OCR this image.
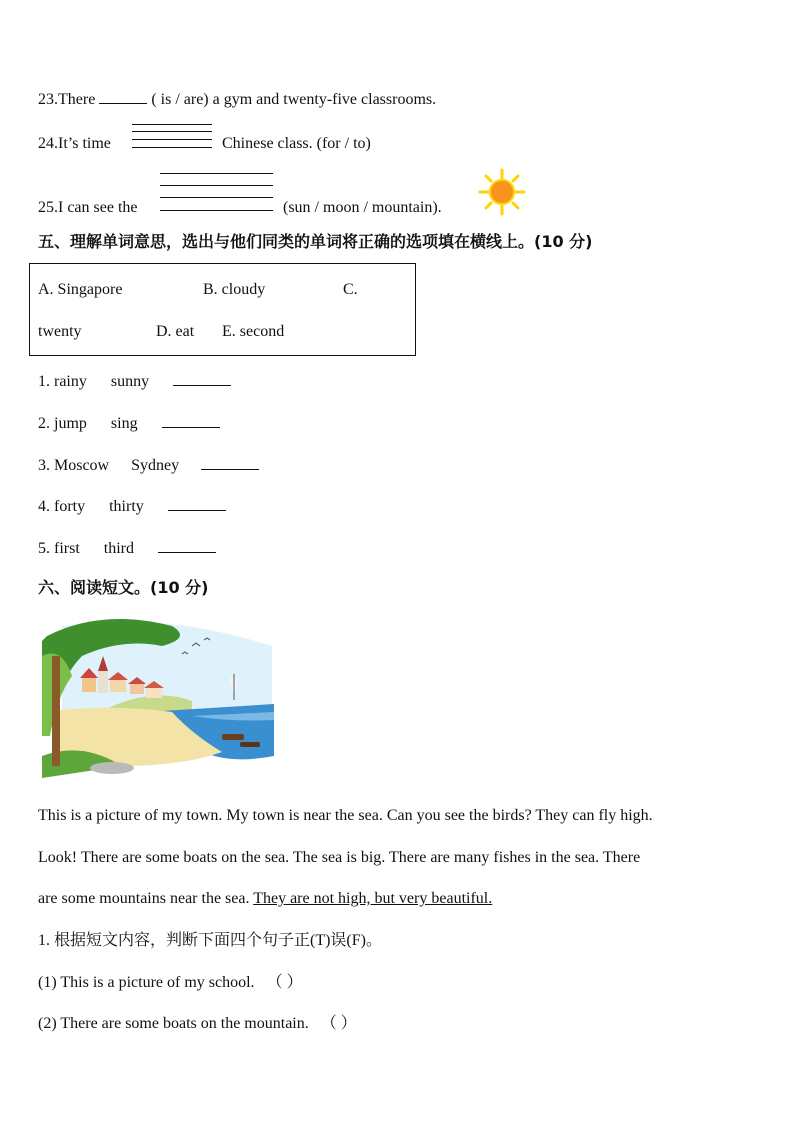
23.There	( is / are) a gym and twenty-five classrooms.
24.It’s time	Chinese class. (for / to)
25.I can see the	(sun / moon / mountain).
五、理解单词意思，选出与他们同类的单词将正确的选项填在横线上。(10 分)
A. Singapore	B. cloudy	C.
twenty	D. eat E. second
1. rainy sunny
2. jump sing
3. Moscow Sydney
4. forty thirty
5. first third
六、阅读短文。(10 分)
This is a picture of my town. My town is near the sea. Can you see the birds? They can fly high.
Look! There are some boats on the sea. The sea is big. There are many fishes in the sea. There
are some mountains near the sea. They are not high, but very beautiful.
1. 根据短文内容，判断下面四个句子正(T)误(F)。
(1) This is a picture of my school. （ ）
(2) There are some boats on the mountain. （ ）
